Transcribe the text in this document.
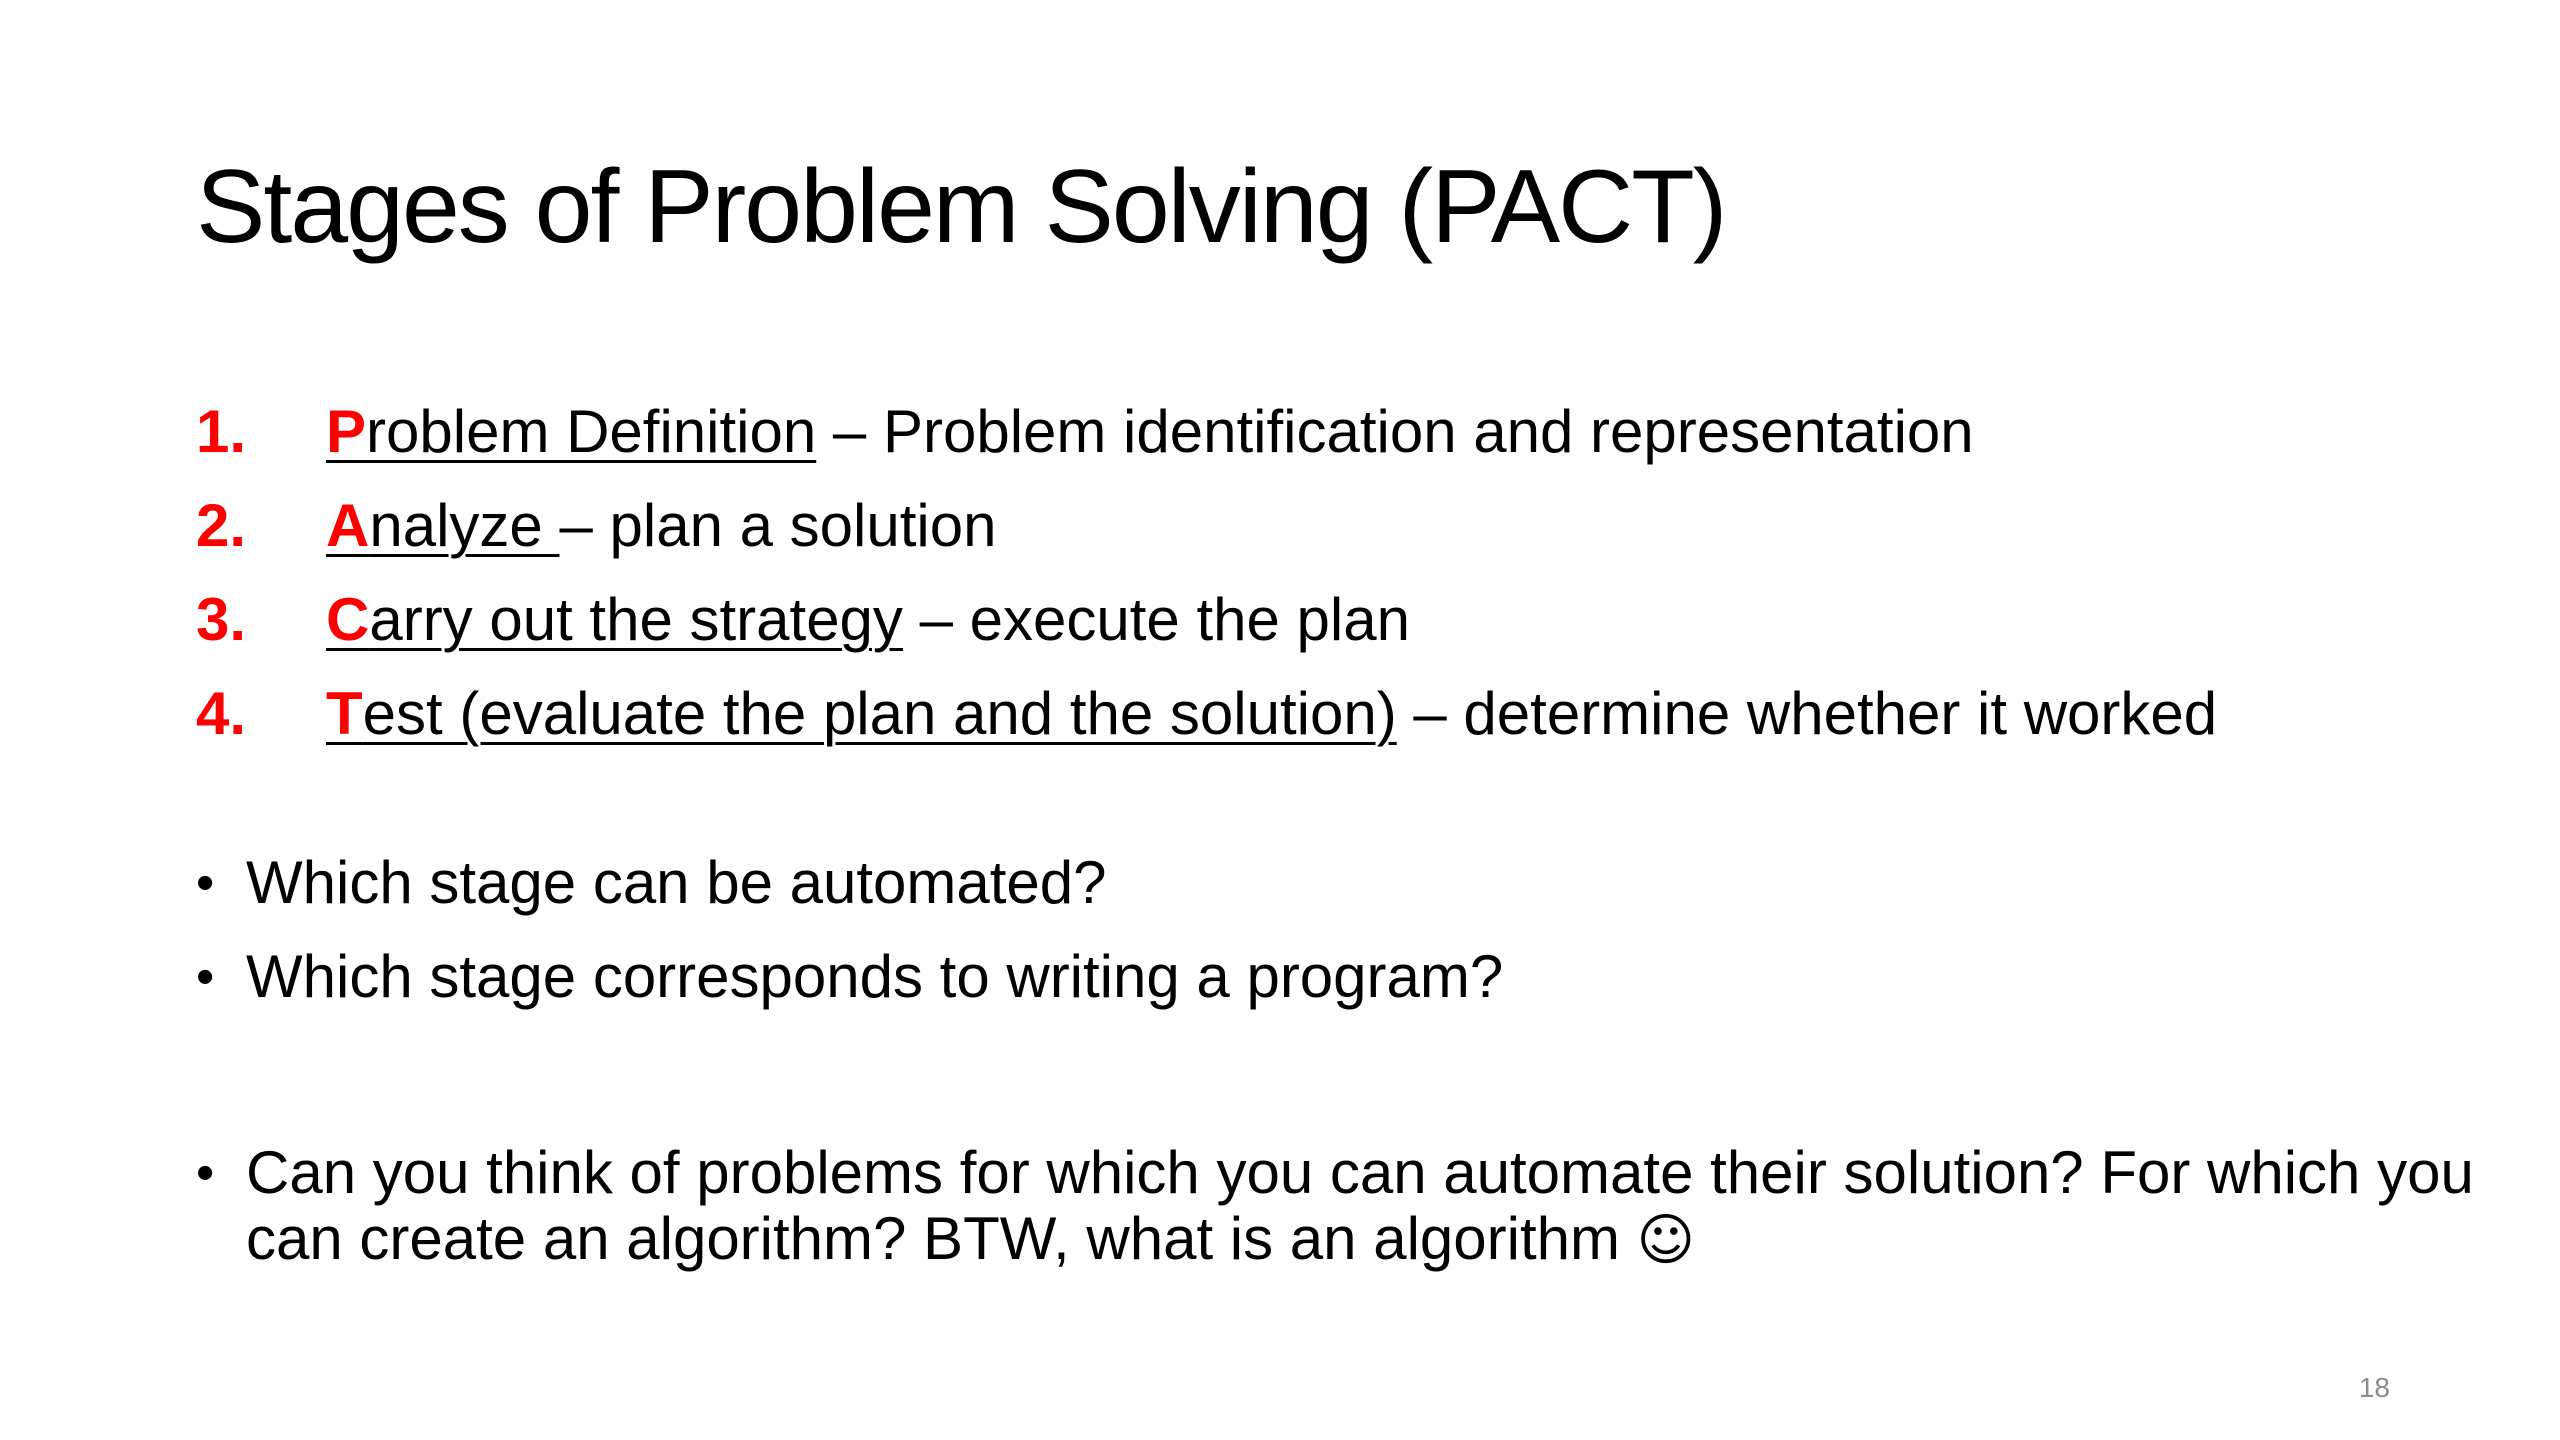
Stages of Problem Solving (PACT)
1. Problem Definition – Problem identification and representation
2. Analyze – plan a solution
3. Carry out the strategy – execute the plan
4. Test (evaluate the plan and the solution) – determine whether it worked
• Which stage can be automated?
• Which stage corresponds to writing a program?
• Can you think of problems for which you can automate their solution? For which you can create an algorithm? BTW, what is an algorithm ☺
18
